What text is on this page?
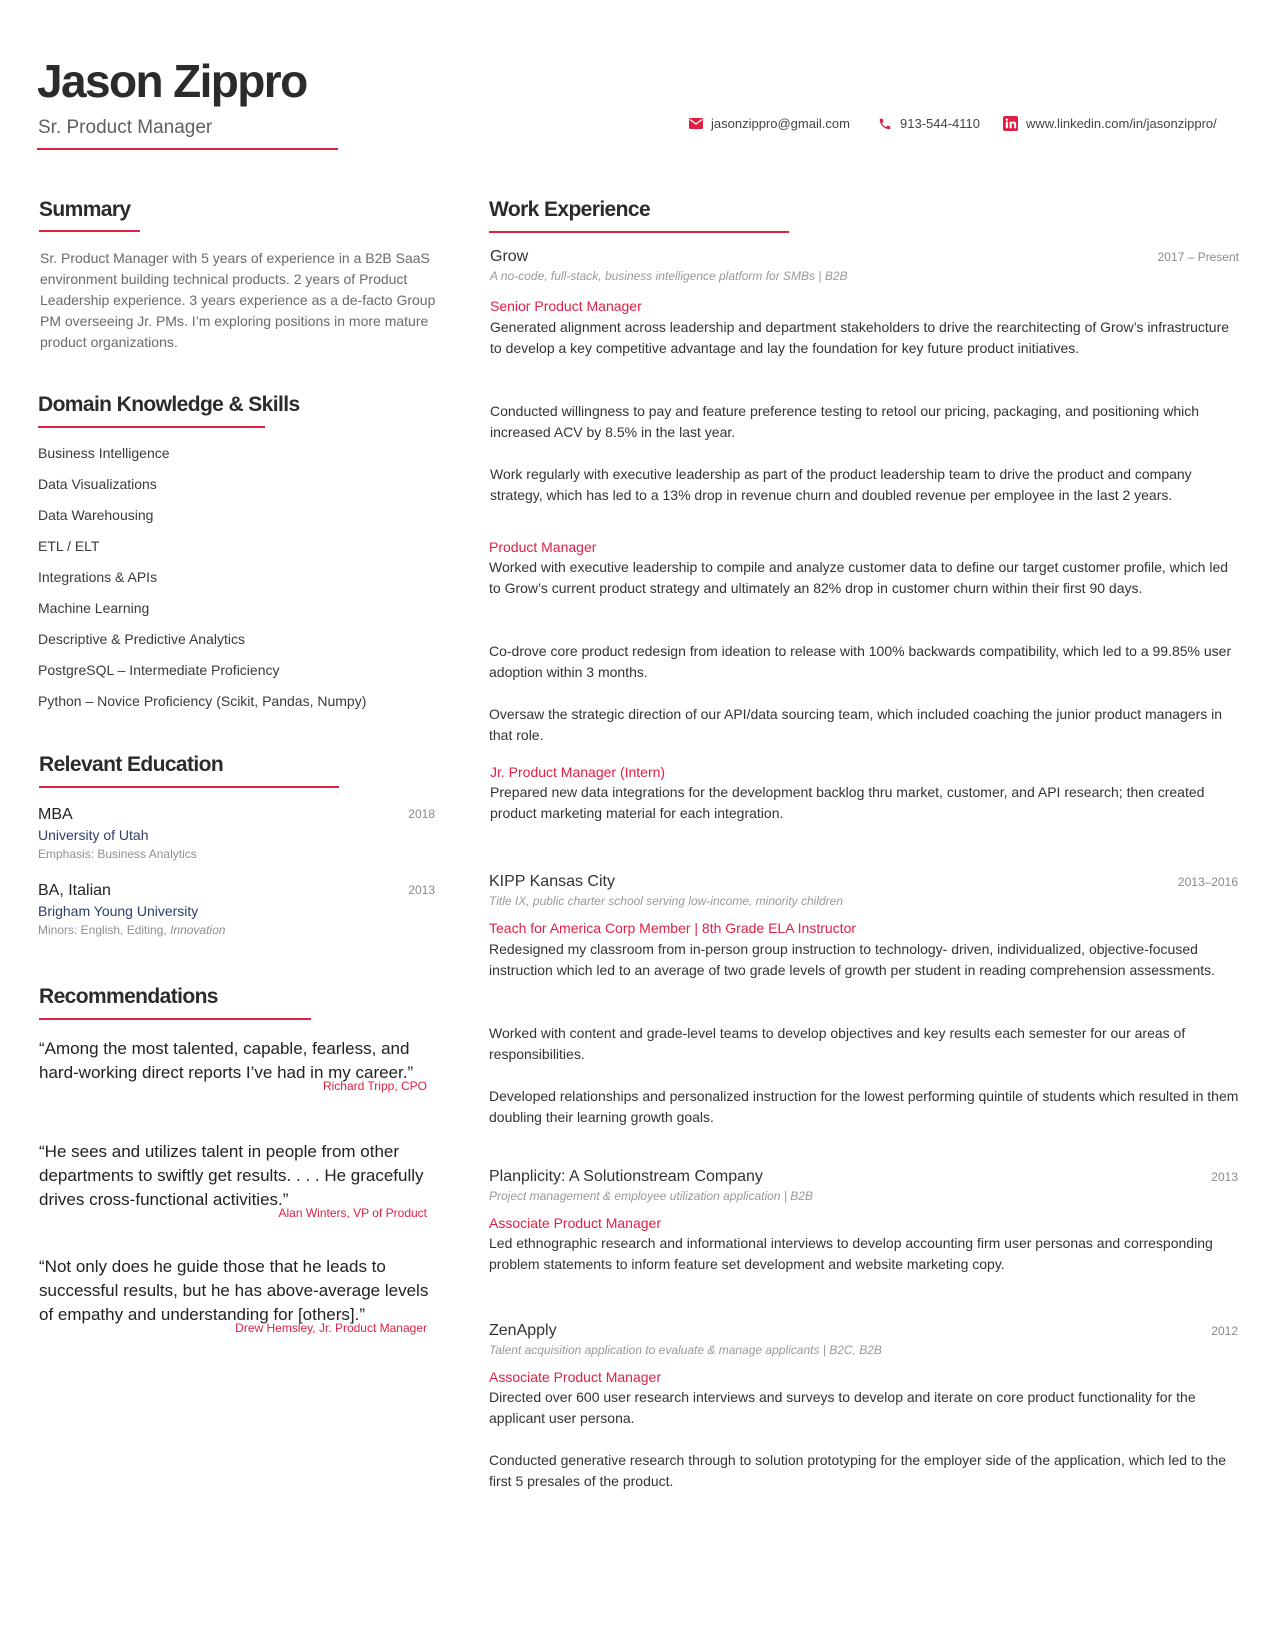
Jason Zippro
Sr. Product Manager	jasonzippro@gmail.com	913-544-4110	www.linkedin.com/in/jasonzippro/
Summary
Sr. Product Manager with 5 years of experience in a B2B SaaS environment building technical products. 2 years of Product Leadership experience. 3 years experience as a de-facto Group PM overseeing Jr. PMs. I’m exploring positions in more mature product organizations.
Domain Knowledge & Skills
Business Intelligence
Data Visualizations
Data Warehousing
ETL / ELT
Integrations & APIs
Machine Learning
Descriptive & Predictive Analytics
PostgreSQL – Intermediate Proficiency
Python – Novice Proficiency (Scikit, Pandas, Numpy)
Relevant Education
MBA	2018
University of Utah
Emphasis: Business Analytics
BA, Italian	2013
Brigham Young University
Minors: English, Editing, Innovation
Recommendations
“Among the most talented, capable, fearless, and hard-working direct reports I’ve had in my career.”
Richard Tripp, CPO
“He sees and utilizes talent in people from other departments to swiftly get results. . . . He gracefully drives cross-functional activities.”
Alan Winters, VP of Product
“Not only does he guide those that he leads to successful results, but he has above-average levels of empathy and understanding for [others].”
Drew Hemsley, Jr. Product Manager
Work Experience
Grow	2017 – Present
A no-code, full-stack, business intelligence platform for SMBs | B2B
Senior Product Manager
Generated alignment across leadership and department stakeholders to drive the rearchitecting of Grow’s infrastructure to develop a key competitive advantage and lay the foundation for key future product initiatives.
Conducted willingness to pay and feature preference testing to retool our pricing, packaging, and positioning which increased ACV by 8.5% in the last year.
Work regularly with executive leadership as part of the product leadership team to drive the product and company strategy, which has led to a 13% drop in revenue churn and doubled revenue per employee in the last 2 years.
Product Manager
Worked with executive leadership to compile and analyze customer data to define our target customer profile, which led to Grow’s current product strategy and ultimately an 82% drop in customer churn within their first 90 days.
Co-drove core product redesign from ideation to release with 100% backwards compatibility, which led to a 99.85% user adoption within 3 months.
Oversaw the strategic direction of our API/data sourcing team, which included coaching the junior product managers in that role.
Jr. Product Manager (Intern)
Prepared new data integrations for the development backlog thru market, customer, and API research; then created product marketing material for each integration.
KIPP Kansas City	2013–2016
Title IX, public charter school serving low-income, minority children
Teach for America Corp Member | 8th Grade ELA Instructor
Redesigned my classroom from in-person group instruction to technology- driven, individualized, objective-focused instruction which led to an average of two grade levels of growth per student in reading comprehension assessments.
Worked with content and grade-level teams to develop objectives and key results each semester for our areas of responsibilities.
Developed relationships and personalized instruction for the lowest performing quintile of students which resulted in them doubling their learning growth goals.
Planplicity: A Solutionstream Company	2013
Project management & employee utilization application | B2B
Associate Product Manager
Led ethnographic research and informational interviews to develop accounting firm user personas and corresponding problem statements to inform feature set development and website marketing copy.
ZenApply	2012
Talent acquisition application to evaluate & manage applicants | B2C, B2B
Associate Product Manager
Directed over 600 user research interviews and surveys to develop and iterate on core product functionality for the applicant user persona.
Conducted generative research through to solution prototyping for the employer side of the application, which led to the first 5 presales of the product.
